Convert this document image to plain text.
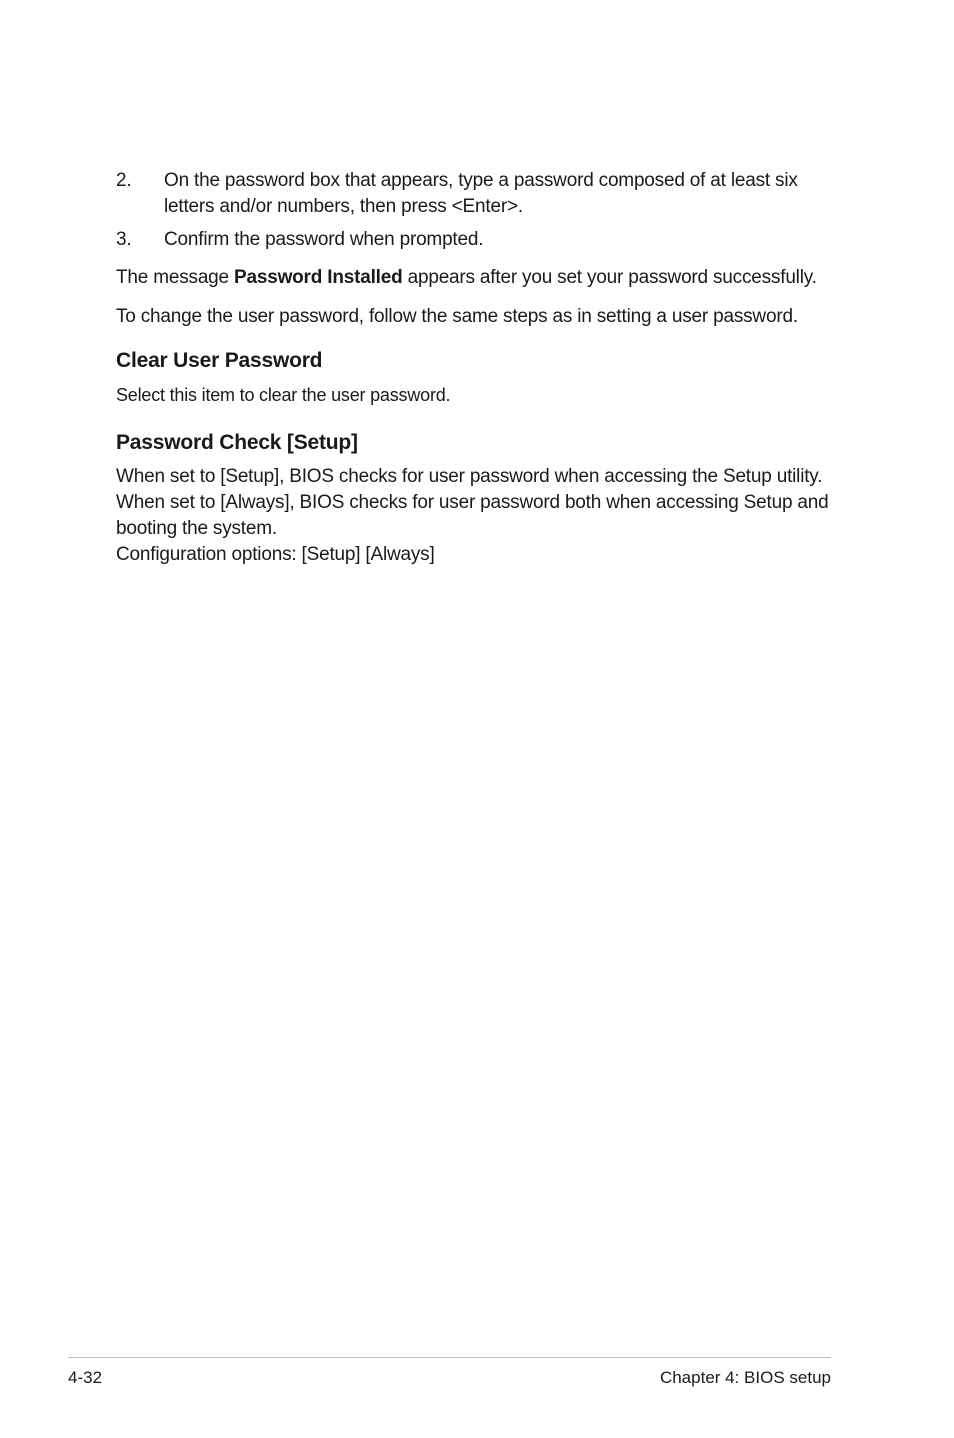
2.	On the password box that appears, type a password composed of at least six letters and/or numbers, then press <Enter>.
3.	Confirm the password when prompted.

The message Password Installed appears after you set your password successfully.

To change the user password, follow the same steps as in setting a user password.

Clear User Password

Select this item to clear the user password.

Password Check [Setup]

When set to [Setup], BIOS checks for user password when accessing the Setup utility. When set to [Always], BIOS checks for user password both when accessing Setup and booting the system.

Configuration options: [Setup] [Always]

4-32	Chapter 4: BIOS setup
